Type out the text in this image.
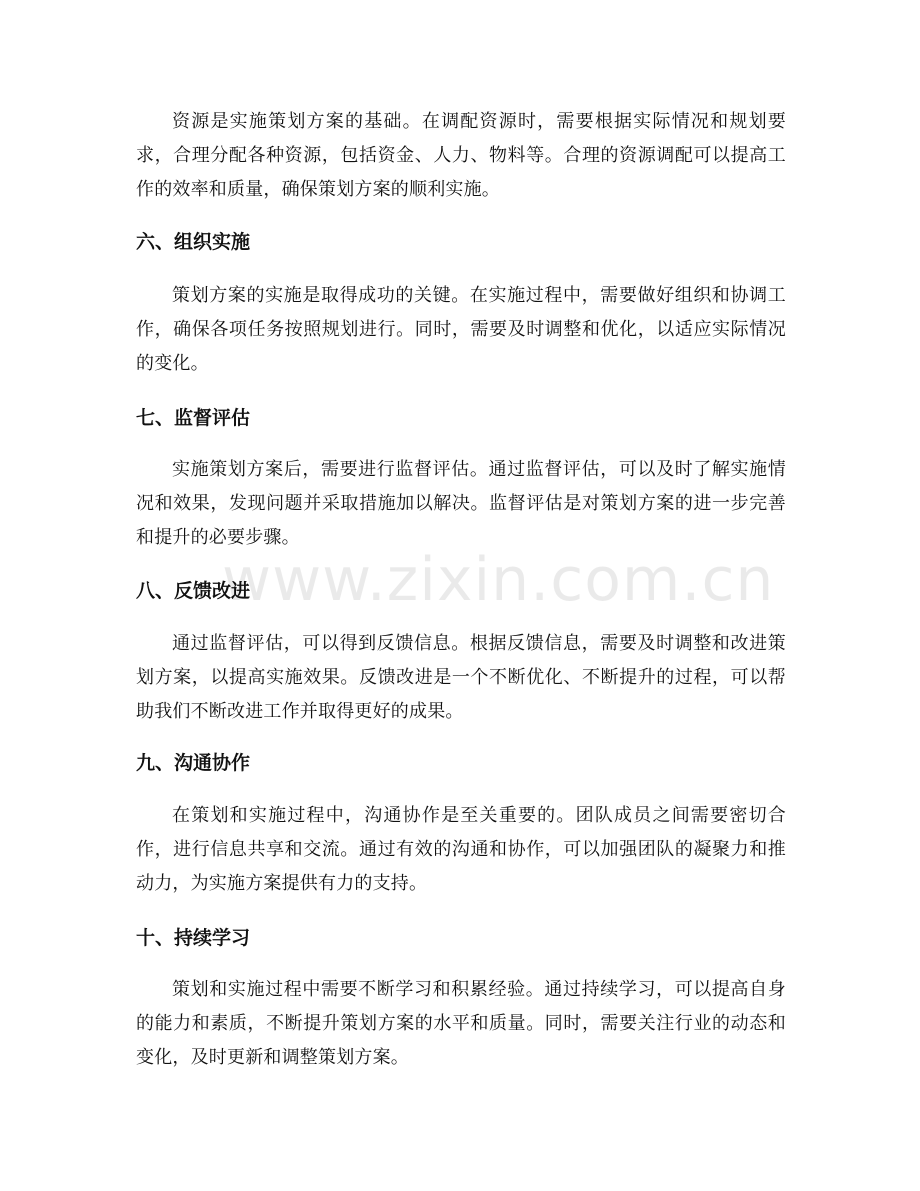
资源是实施策划方案的基础。在调配资源时，需要根据实际情况和规划要求，合理分配各种资源，包括资金、人力、物料等。合理的资源调配可以提高工作的效率和质量，确保策划方案的顺利实施。

六、组织实施

策划方案的实施是取得成功的关键。在实施过程中，需要做好组织和协调工作，确保各项任务按照规划进行。同时，需要及时调整和优化，以适应实际情况的变化。

七、监督评估

实施策划方案后，需要进行监督评估。通过监督评估，可以及时了解实施情况和效果，发现问题并采取措施加以解决。监督评估是对策划方案的进一步完善和提升的必要步骤。

八、反馈改进

通过监督评估，可以得到反馈信息。根据反馈信息，需要及时调整和改进策划方案，以提高实施效果。反馈改进是一个不断优化、不断提升的过程，可以帮助我们不断改进工作并取得更好的成果。

九、沟通协作

在策划和实施过程中，沟通协作是至关重要的。团队成员之间需要密切合作，进行信息共享和交流。通过有效的沟通和协作，可以加强团队的凝聚力和推动力，为实施方案提供有力的支持。

十、持续学习

策划和实施过程中需要不断学习和积累经验。通过持续学习，可以提高自身的能力和素质，不断提升策划方案的水平和质量。同时，需要关注行业的动态和变化，及时更新和调整策划方案。

www.zixin.com.cn
